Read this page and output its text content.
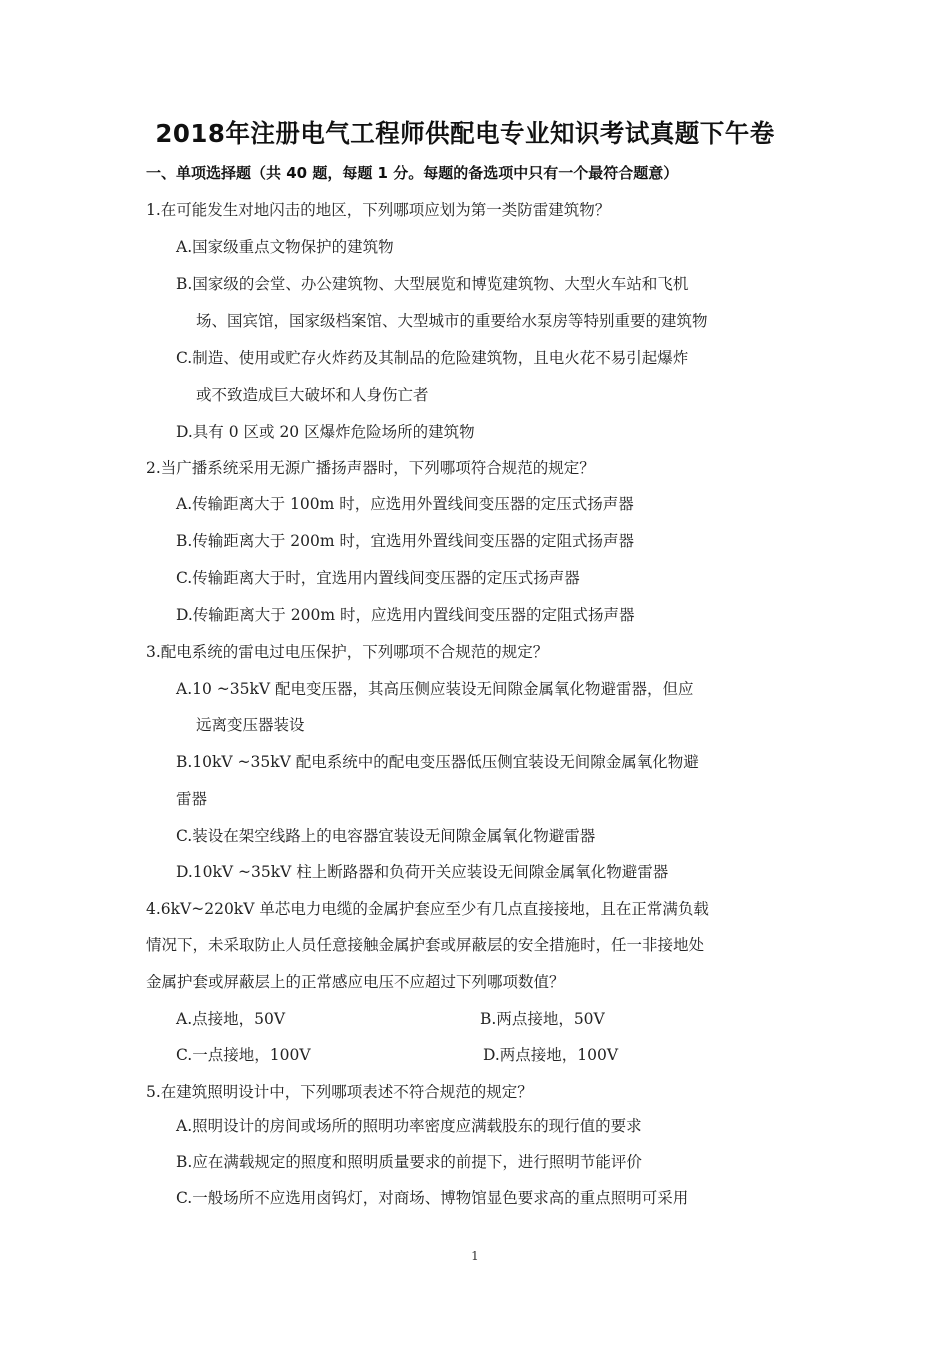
2018年注册电气工程师供配电专业知识考试真题下午卷
一、单项选择题（共 40 题，每题 1 分。每题的备选项中只有一个最符合题意）
1.在可能发生对地闪击的地区，下列哪项应划为第一类防雷建筑物？
A.国家级重点文物保护的建筑物
B.国家级的会堂、办公建筑物、大型展览和博览建筑物、大型火车站和飞机
场、国宾馆，国家级档案馆、大型城市的重要给水泵房等特别重要的建筑物
C.制造、使用或贮存火炸药及其制品的危险建筑物，且电火花不易引起爆炸
或不致造成巨大破坏和人身伤亡者
D.具有 0 区或 20 区爆炸危险场所的建筑物
2.当广播系统采用无源广播扬声器时，下列哪项符合规范的规定？
A.传输距离大于 100m 时，应选用外置线间变压器的定压式扬声器
B.传输距离大于 200m 时，宜选用外置线间变压器的定阻式扬声器
C.传输距离大于时，宜选用内置线间变压器的定压式扬声器
D.传输距离大于 200m 时，应选用内置线间变压器的定阻式扬声器
3.配电系统的雷电过电压保护，下列哪项不合规范的规定？
A.10 ~35kV 配电变压器，其高压侧应装设无间隙金属氧化物避雷器，但应
远离变压器装设
B.10kV ~35kV 配电系统中的配电变压器低压侧宜装设无间隙金属氧化物避
雷器
C.装设在架空线路上的电容器宜装设无间隙金属氧化物避雷器
D.10kV ~35kV 柱上断路器和负荷开关应装设无间隙金属氧化物避雷器
4.6kV~220kV 单芯电力电缆的金属护套应至少有几点直接接地，且在正常满负载
情况下，未采取防止人员任意接触金属护套或屏蔽层的安全措施时，任一非接地处
金属护套或屏蔽层上的正常感应电压不应超过下列哪项数值？
A.点接地，50V	B.两点接地，50V
C.一点接地，100V	D.两点接地，100V
5.在建筑照明设计中，下列哪项表述不符合规范的规定？
A.照明设计的房间或场所的照明功率密度应满载股东的现行值的要求
B.应在满载规定的照度和照明质量要求的前提下，进行照明节能评价
C.一般场所不应选用卤钨灯，对商场、博物馆显色要求高的重点照明可采用
1
